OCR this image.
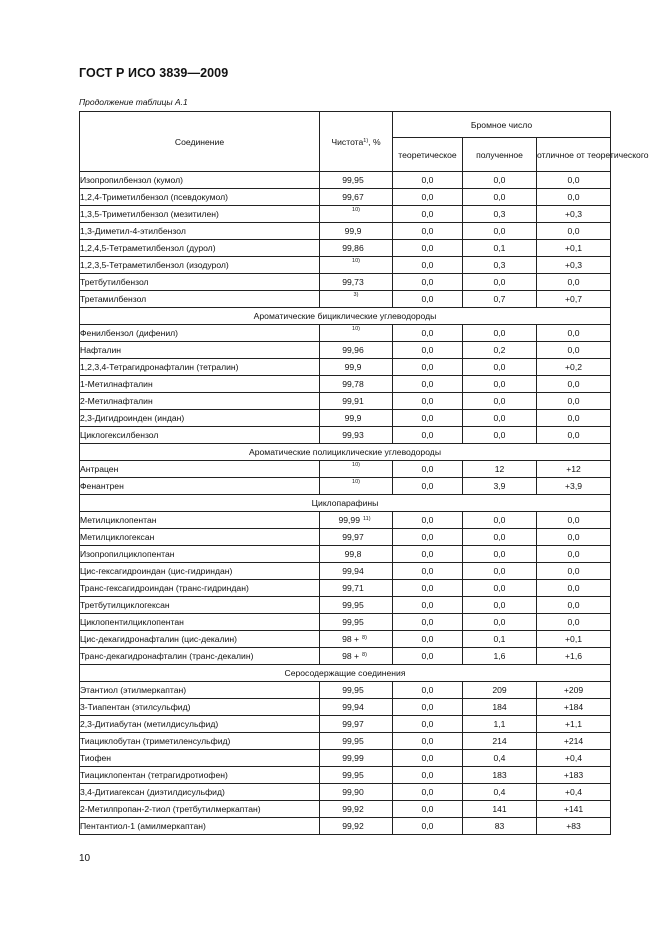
ГОСТ Р ИСО 3839—2009
Продолжение таблицы А.1
Соединение	Чистота$^{1)}$, %	Бромное число		
		теоретическое	полученное	отличное от теоретического
Изопропилбензол (кумол)	99,95	0,0	0,0	0,0
1,2,4-Триметилбензол (псевдокумол)	99,67	0,0	0,0	0,0
1,3,5-Триметилбензол (мезитилен)	10)	0,0	0,3	+0,3
1,3-Диметил-4-этилбензол	99,9	0,0	0,0	0,0
1,2,4,5-Тетраметилбензол (дурол)	99,86	0,0	0,1	+0,1
1,2,3,5-Тетраметилбензол (изодурол)	10)	0,0	0,3	+0,3
Третбутилбензол	99,73	0,0	0,0	0,0
Третамилбензол	3)	0,0	0,7	+0,7
Ароматические бициклические углеводороды				
Фенилбензол (дифенил)	10)	0,0	0,0	0,0
Нафталин	99,96	0,0	0,2	0,0
1,2,3,4-Тетрагидронафталин (тетралин)	99,9	0,0	0,0	+0,2
1-Метилнафталин	99,78	0,0	0,0	0,0
2-Метилнафталин	99,91	0,0	0,0	0,0
2,3-Дигидроинден (индан)	99,9	0,0	0,0	0,0
Циклогексилбензол	99,93	0,0	0,0	0,0
Ароматические полициклические углеводороды				
Антрацен	10)	0,0	12	+12
Фенантрен	10)	0,0	3,9	+3,9
Циклопарафины				
Метилциклопентан	99,99 $^{11)}$	0,0	0,0	0,0
Метилциклогексан	99,97	0,0	0,0	0,0
Изопропилциклопентан	99,8	0,0	0,0	0,0
Цис-гексагидроиндан (цис-гидриндан)	99,94	0,0	0,0	0,0
Транс-гексагидроиндан (транс-гидриндан)	99,71	0,0	0,0	0,0
Третбутилциклогексан	99,95	0,0	0,0	0,0
Циклопентилциклопентан	99,95	0,0	0,0	0,0
Цис-декагидронафталин (цис-декалин)	98 + $^{8)}$	0,0	0,1	+0,1
Транс-декагидронафталин (транс-декалин)	98 + $^{8)}$	0,0	1,6	+1,6
Серосодержащие соединения				
Этантиол (этилмеркаптан)	99,95	0,0	209	+209
3-Тиапентан (этилсульфид)	99,94	0,0	184	+184
2,3-Дитиабутан (метилдисульфид)	99,97	0,0	1,1	+1,1
Тиациклобутан (триметиленсульфид)	99,95	0,0	214	+214
Тиофен	99,99	0,0	0,4	+0,4
Тиациклопентан (тетрагидротиофен)	99,95	0,0	183	+183
3,4-Дитиагексан (диэтилдисульфид)	99,90	0,0	0,4	+0,4
2-Метилпропан-2-тиол (третбутилмеркаптан)	99,92	0,0	141	+141
Пентантиол-1 (амилмеркаптан)	99,92	0,0	83	+83
10
